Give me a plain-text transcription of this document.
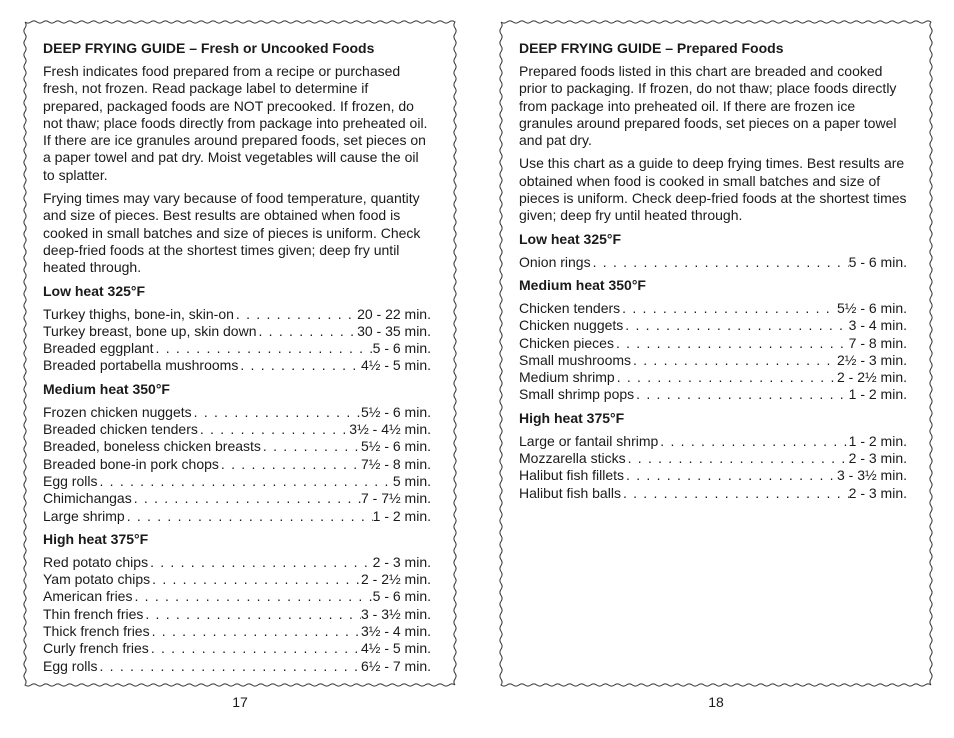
DEEP FRYING GUIDE – Fresh or Uncooked Foods

Fresh indicates food prepared from a recipe or purchased fresh, not frozen. Read package label to determine if prepared, packaged foods are NOT precooked. If frozen, do not thaw; place foods directly from package into preheated oil. If there are ice granules around prepared foods, set pieces on a paper towel and pat dry. Moist vegetables will cause the oil to splatter.

Frying times may vary because of food temperature, quantity and size of pieces. Best results are obtained when food is cooked in small batches and size of pieces is uniform. Check deep-fried foods at the shortest times given; deep fry until heated through.

Low heat 325°F
Turkey thighs, bone-in, skin-on . . .	20 - 22 min.
Turkey breast, bone up, skin down . . .	30 - 35 min.
Breaded eggplant . . .	5 - 6 min.
Breaded portabella mushrooms . . .	4½ - 5 min.
Medium heat 350°F
Frozen chicken nuggets . . .	5½ - 6 min.
Breaded chicken tenders . . .	3½ - 4½ min.
Breaded, boneless chicken breasts . . .	5½ - 6 min.
Breaded bone-in pork chops . . .	7½ - 8 min.
Egg rolls . . .	5 min.
Chimichangas . . .	7 - 7½ min.
Large shrimp . . .	1 - 2 min.
High heat 375°F
Red potato chips . . .	2 - 3 min.
Yam potato chips . . .	2 - 2½ min.
American fries . . .	5 - 6 min.
Thin french fries . . .	3 - 3½ min.
Thick french fries . . .	3½ - 4 min.
Curly french fries . . .	4½ - 5 min.
Egg rolls . . .	6½ - 7 min.
17
DEEP FRYING GUIDE – Prepared Foods

Prepared foods listed in this chart are breaded and cooked prior to packaging. If frozen, do not thaw; place foods directly from package into preheated oil. If there are frozen ice granules around prepared foods, set pieces on a paper towel and pat dry.

Use this chart as a guide to deep frying times. Best results are obtained when food is cooked in small batches and size of pieces is uniform. Check deep-fried foods at the shortest times given; deep fry until heated through.

Low heat 325°F
Onion rings . . .	5 - 6 min.
Medium heat 350°F
Chicken tenders . . .	5½ - 6 min.
Chicken nuggets . . .	3 - 4 min.
Chicken pieces . . .	7 - 8 min.
Small mushrooms . . .	2½ - 3 min.
Medium shrimp . . .	2 - 2½ min.
Small shrimp pops . . .	1 - 2 min.
High heat 375°F
Large or fantail shrimp . . .	1 - 2 min.
Mozzarella sticks . . .	2 - 3 min.
Halibut fish fillets . . .	3 - 3½ min.
Halibut fish balls . . .	2 - 3 min.
18
